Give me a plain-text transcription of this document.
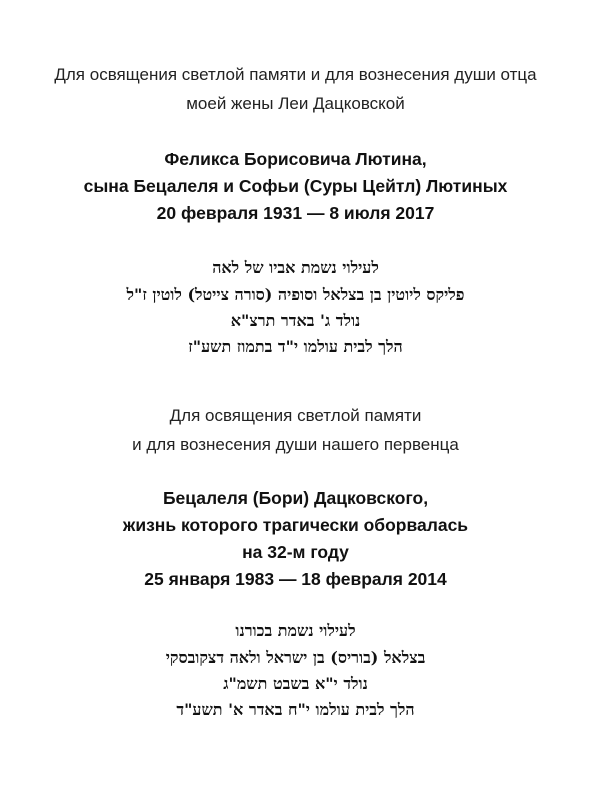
Для освящения светлой памяти и для вознесения души отца
моей жены Леи Дацковской
Феликса Борисовича Лютина,
сына Бецалеля и Софьи (Суры Цейтл) Лютиных
20 февраля 1931 — 8 июля 2017
לעילוי נשמת אביו של לאה
פליקס ליוטין בן בצלאל וסופיה (סורה צייטל) לוטין ז"ל
נולד ג' באדר תרצ"א
הלך לבית עולמו י"ד בתמוז תשע"ז
Для освящения светлой памяти
и для вознесения души нашего первенца
Бецалеля (Бори) Дацковского,
жизнь которого трагически оборвалась
на 32-м году
25 января 1983 — 18 февраля 2014
לעילוי נשמת בכורנו
בצלאל (בוריס) בן ישראל ולאה דצקובסקי
נולד י"א בשבט תשמ"ג
הלך לבית עולמו י"ח באדר א' תשע"ד
